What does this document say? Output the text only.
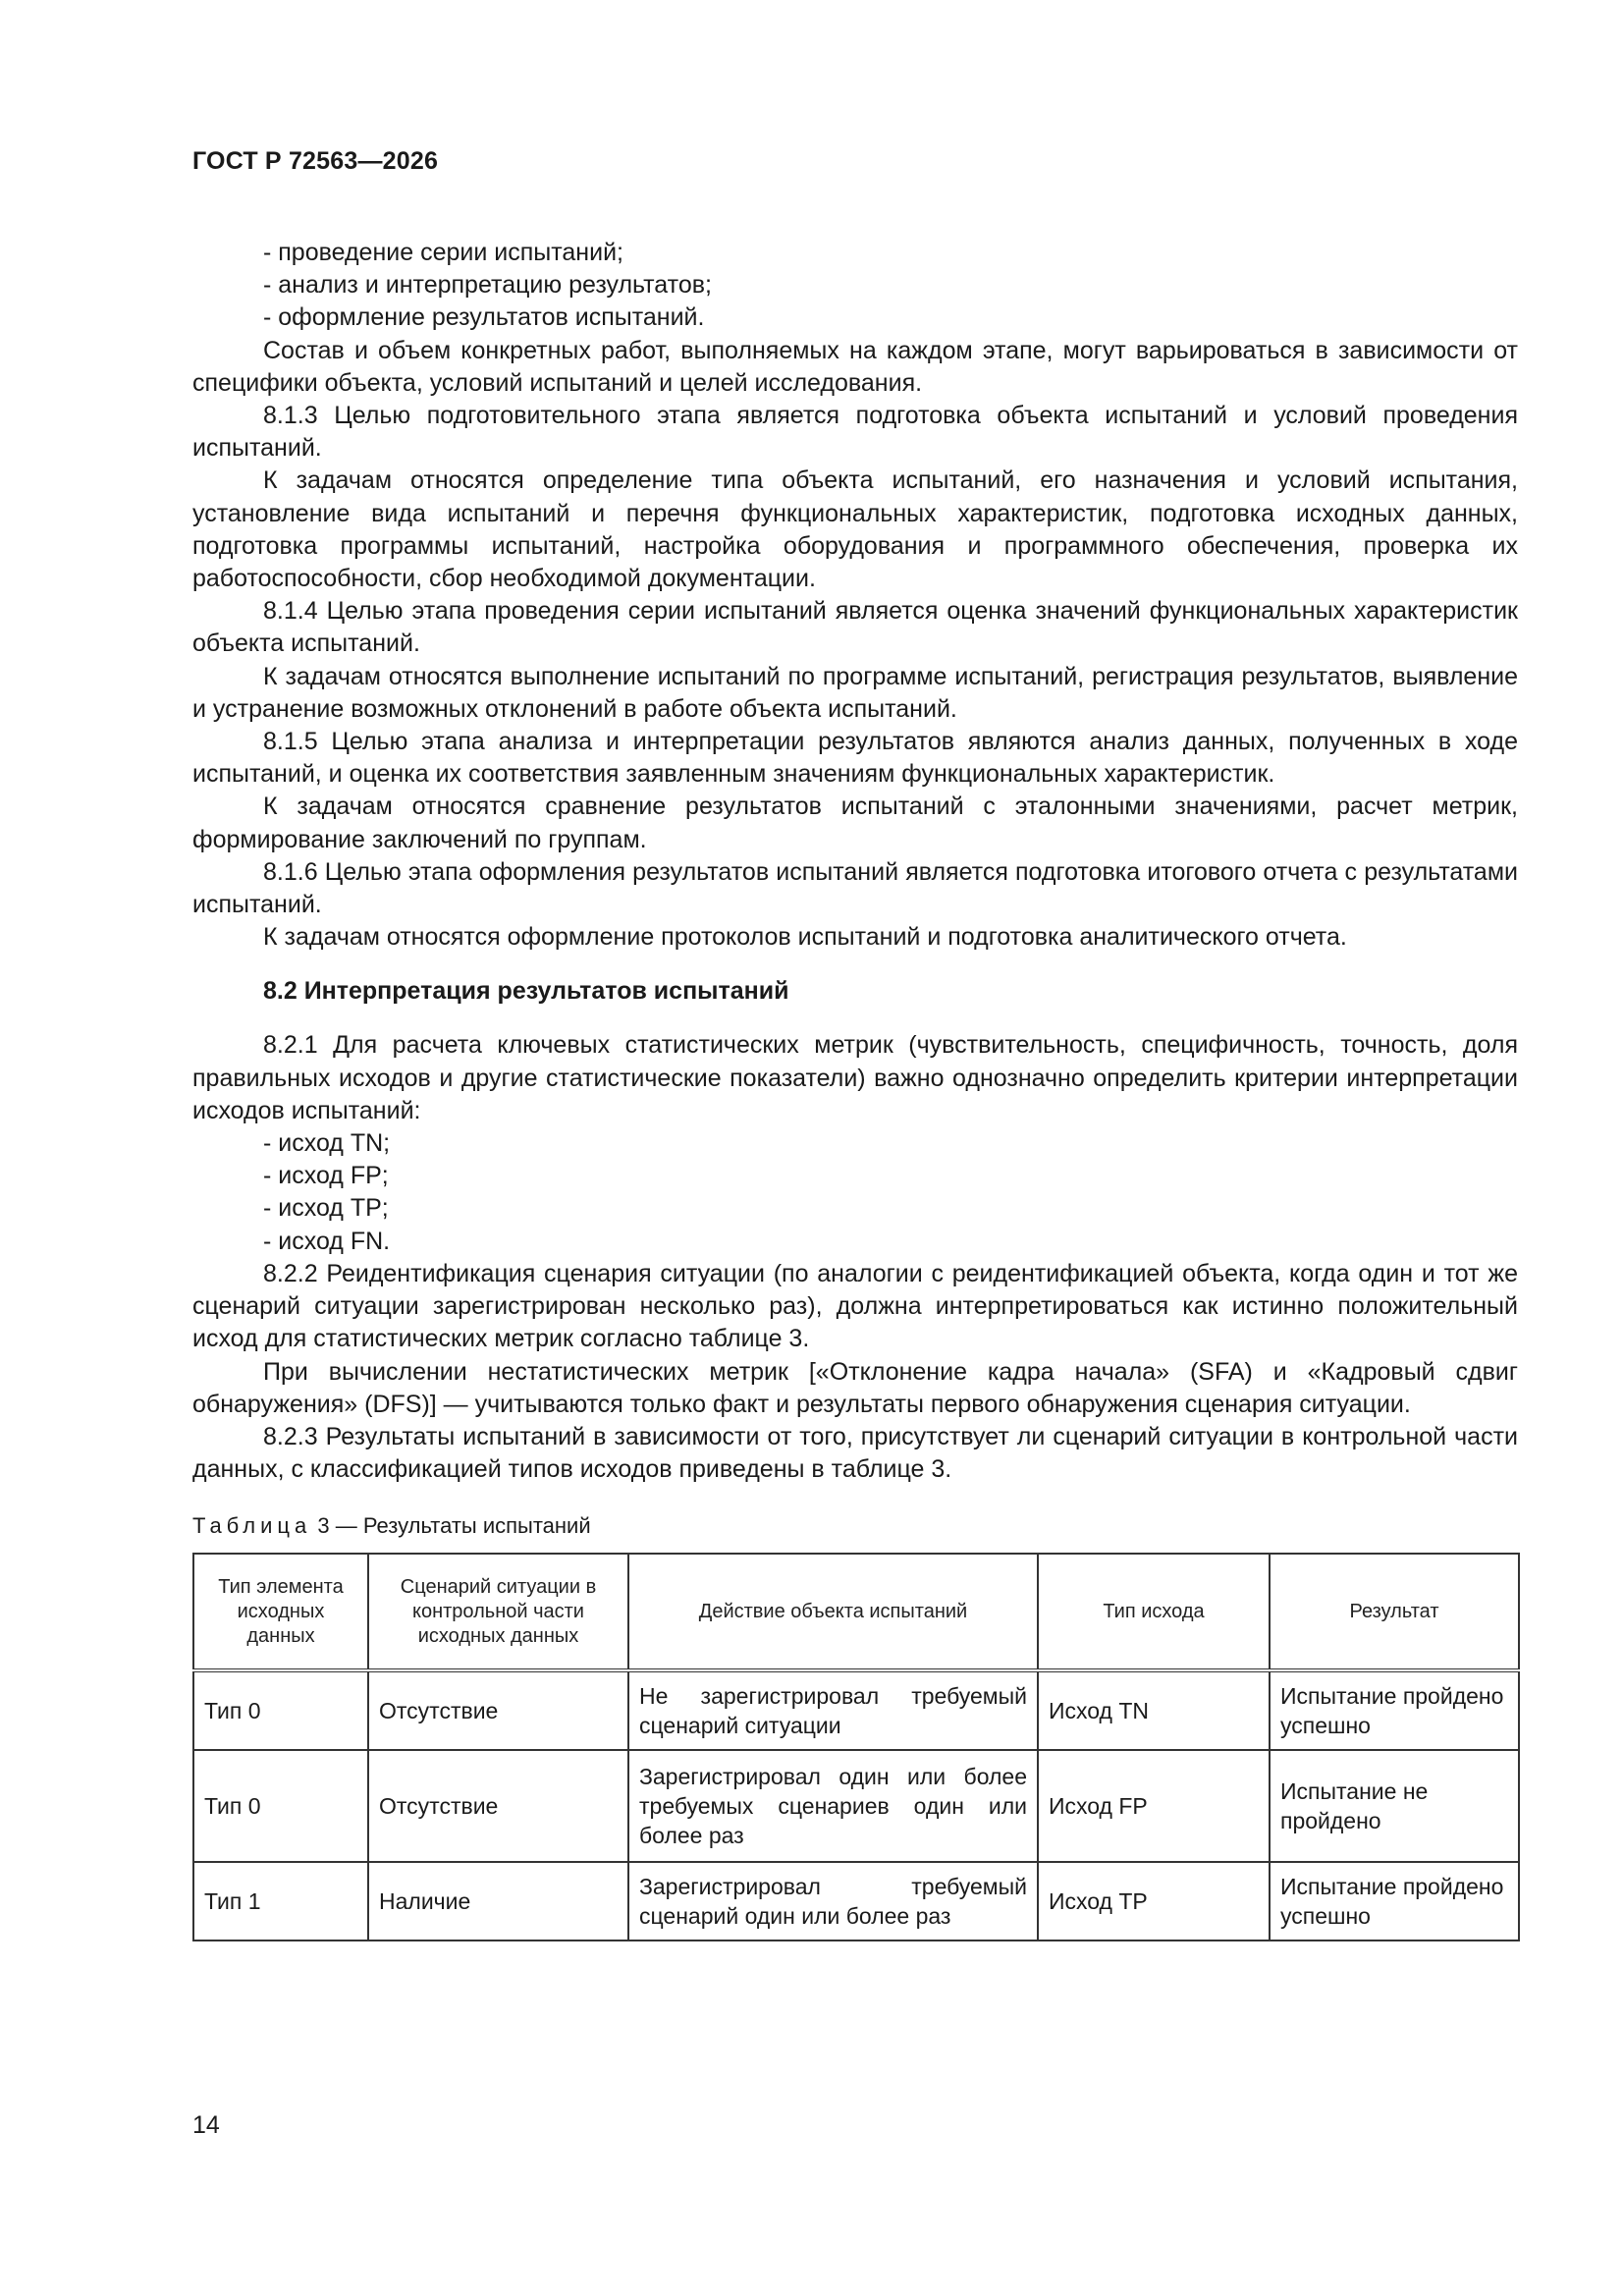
ГОСТ Р 72563—2026

- проведение серии испытаний;

- анализ и интерпретацию результатов;

- оформление результатов испытаний.

Состав и объем конкретных работ, выполняемых на каждом этапе, могут варьироваться в зависимости от специфики объекта, условий испытаний и целей исследования.

8.1.3 Целью подготовительного этапа является подготовка объекта испытаний и условий проведения испытаний.

К задачам относятся определение типа объекта испытаний, его назначения и условий испытания, установление вида испытаний и перечня функциональных характеристик, подготовка исходных данных, подготовка программы испытаний, настройка оборудования и программного обеспечения, проверка их работоспособности, сбор необходимой документации.

8.1.4 Целью этапа проведения серии испытаний является оценка значений функциональных характеристик объекта испытаний.

К задачам относятся выполнение испытаний по программе испытаний, регистрация результатов, выявление и устранение возможных отклонений в работе объекта испытаний.

8.1.5 Целью этапа анализа и интерпретации результатов являются анализ данных, полученных в ходе испытаний, и оценка их соответствия заявленным значениям функциональных характеристик.

К задачам относятся сравнение результатов испытаний с эталонными значениями, расчет метрик, формирование заключений по группам.

8.1.6 Целью этапа оформления результатов испытаний является подготовка итогового отчета с результатами испытаний.

К задачам относятся оформление протоколов испытаний и подготовка аналитического отчета.

8.2 Интерпретация результатов испытаний

8.2.1 Для расчета ключевых статистических метрик (чувствительность, специфичность, точность, доля правильных исходов и другие статистические показатели) важно однозначно определить критерии интерпретации исходов испытаний:

- исход TN;

- исход FP;

- исход TP;

- исход FN.

8.2.2 Реидентификация сценария ситуации (по аналогии с реидентификацией объекта, когда один и тот же сценарий ситуации зарегистрирован несколько раз), должна интерпретироваться как истинно положительный исход для статистических метрик согласно таблице 3.

При вычислении нестатистических метрик [«Отклонение кадра начала» (SFA) и «Кадровый сдвиг обнаружения» (DFS)] — учитываются только факт и результаты первого обнаружения сценария ситуации.

8.2.3 Результаты испытаний в зависимости от того, присутствует ли сценарий ситуации в контрольной части данных, с классификацией типов исходов приведены в таблице 3.

Таблица 3 — Результаты испытаний
Тип элемента исходных данных	Сценарий ситуации в контрольной части исходных данных	Действие объекта испытаний	Тип исхода	Результат
Тип 0	Отсутствие	Не зарегистрировал требуемый сценарий ситуации	Исход TN	Испытание пройдено успешно
Тип 0	Отсутствие	Зарегистрировал один или более требуемых сценариев один или более раз	Исход FP	Испытание не пройдено
Тип 1	Наличие	Зарегистрировал требуемый сценарий один или более раз	Исход TP	Испытание пройдено успешно
14
